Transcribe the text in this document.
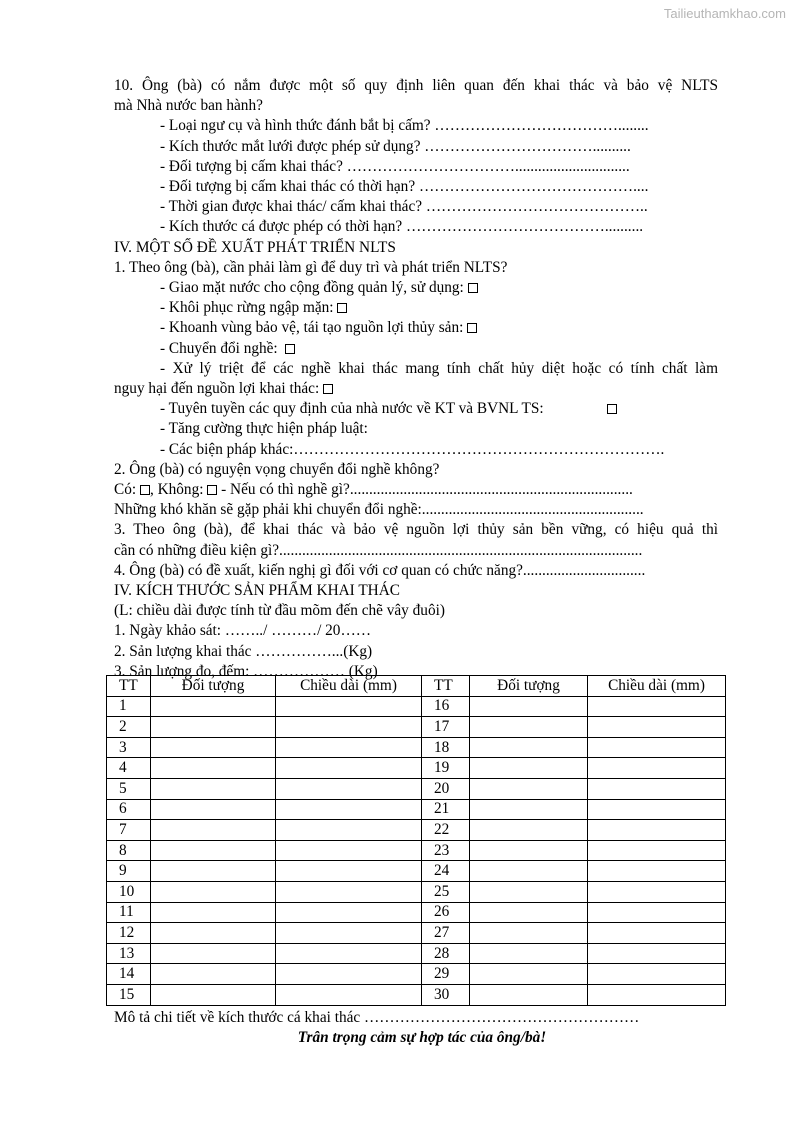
Tailieuthamkhao.com
10. Ông (bà) có nắm được một số quy định liên quan đến khai thác và bảo vệ NLTS
mà Nhà nước ban hành?
- Loại ngư cụ và hình thức đánh bắt bị cấm? ………………………………........
- Kích thước mắt lưới được phép sử dụng? ……………………………..........
- Đối tượng bị cấm khai thác? ……………………………..............................
- Đối tượng bị cấm khai thác có thời hạn? ……………………………………....
- Thời gian được khai thác/ cấm khai thác? ……………………………………..
- Kích thước cá được phép có thời hạn? …………………………………..........
IV. MỘT SỐ ĐỀ XUẤT PHÁT TRIỂN NLTS
1. Theo ông (bà), cần phải làm gì để duy trì và phát triển NLTS?
- Giao mặt nước cho cộng đồng quản lý, sử dụng:
- Khôi phục rừng ngập mặn:
- Khoanh vùng bảo vệ, tái tạo nguồn lợi thủy sản:
- Chuyển đổi nghề:
- Xử lý triệt để các nghề khai thác mang tính chất hủy diệt hoặc có tính chất làm
nguy hại đến nguồn lợi khai thác:
- Tuyên tuyền các quy định của nhà nước về KT và BVNL TS:
- Tăng cường thực hiện pháp luật:
- Các biện pháp khác:……………………………………………………………….
2. Ông (bà) có nguyện vọng chuyển đổi nghề không?
Có: , Không: - Nếu có thì nghề gì?..........................................................................
Những khó khăn sẽ gặp phải khi chuyển đổi nghề:..........................................................
3. Theo ông (bà), để khai thác và bảo vệ nguồn lợi thủy sản bền vững, có hiệu quả thì
cần có những điều kiện gì?...............................................................................................
4. Ông (bà) có đề xuất, kiến nghị gì đối với cơ quan có chức năng?................................
IV. KÍCH THƯỚC SẢN PHẨM KHAI THÁC
(L: chiều dài được tính từ đầu mõm đến chẽ vây đuôi)
1. Ngày khảo sát: ……../ ………/ 20……
2. Sản lượng khai thác ……………...(Kg)
3. Sản lượng đo, đếm: ……………… (Kg)
TT	Đối tượng	Chiều dài (mm)	TT	Đối tượng	Chiều dài (mm)
1			16		
2			17		
3			18		
4			19		
5			20		
6			21		
7			22		
8			23		
9			24		
10			25		
11			26		
12			27		
13			28		
14			29		
15			30		
Mô tả chi tiết về kích thước cá khai thác ………………………………………………
Trân trọng cảm sự hợp tác của ông/bà!
